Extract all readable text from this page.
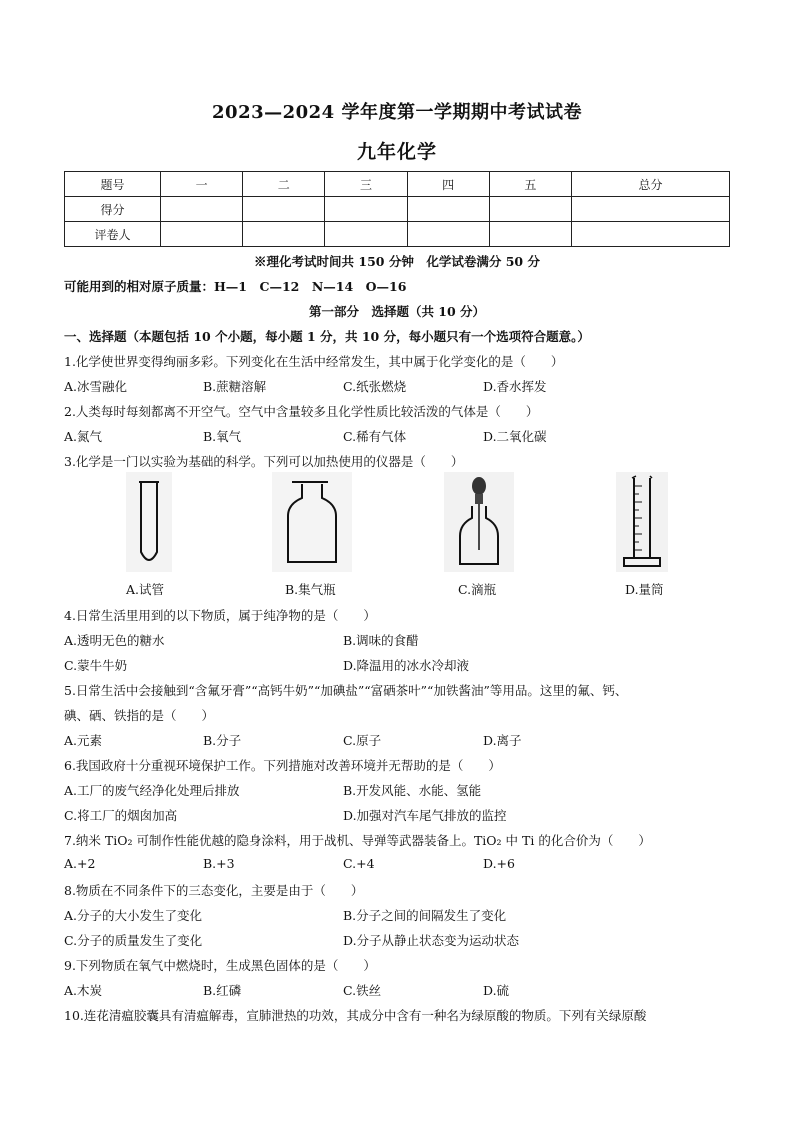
2023—2024 学年度第一学期期中考试试卷
九年化学
题号	一	二	三	四	五	总分
得分						
评卷人						
※理化考试时间共 150 分钟　化学试卷满分 50 分
可能用到的相对原子质量：H—1　C—12　N—14　O—16
第一部分　选择题（共 10 分）
一、选择题（本题包括 10 个小题，每小题 1 分，共 10 分，每小题只有一个选项符合题意。）
1.化学使世界变得绚丽多彩。下列变化在生活中经常发生，其中属于化学变化的是（　　）
A.冰雪融化	B.蔗糖溶解	C.纸张燃烧	D.香水挥发
2.人类每时每刻都离不开空气。空气中含量较多且化学性质比较活泼的气体是（　　）
A.氮气	B.氧气	C.稀有气体	D.二氧化碳
3.化学是一门以实验为基础的科学。下列可以加热使用的仪器是（　　）
A.试管	B.集气瓶	C.滴瓶	D.量筒
4.日常生活里用到的以下物质，属于纯净物的是（　　）
A.透明无色的糖水	B.调味的食醋
C.蒙牛牛奶	D.降温用的冰水冷却液
5.日常生活中会接触到“含氟牙膏”“高钙牛奶”“加碘盐”“富硒茶叶”“加铁酱油”等用品。这里的氟、钙、
碘、硒、铁指的是（　　）
A.元素	B.分子	C.原子	D.离子
6.我国政府十分重视环境保护工作。下列措施对改善环境并无帮助的是（　　）
A.工厂的废气经净化处理后排放	B.开发风能、水能、氢能
C.将工厂的烟囱加高	D.加强对汽车尾气排放的监控
7.纳米 TiO₂ 可制作性能优越的隐身涂料，用于战机、导弹等武器装备上。TiO₂ 中 Ti 的化合价为（　　）
A.+2	B.+3	C.+4	D.+6
8.物质在不同条件下的三态变化，主要是由于（　　）
A.分子的大小发生了变化	B.分子之间的间隔发生了变化
C.分子的质量发生了变化	D.分子从静止状态变为运动状态
9.下列物质在氧气中燃烧时，生成黑色固体的是（　　）
A.木炭	B.红磷	C.铁丝	D.硫
10.连花清瘟胶囊具有清瘟解毒，宣肺泄热的功效，其成分中含有一种名为绿原酸的物质。下列有关绿原酸
